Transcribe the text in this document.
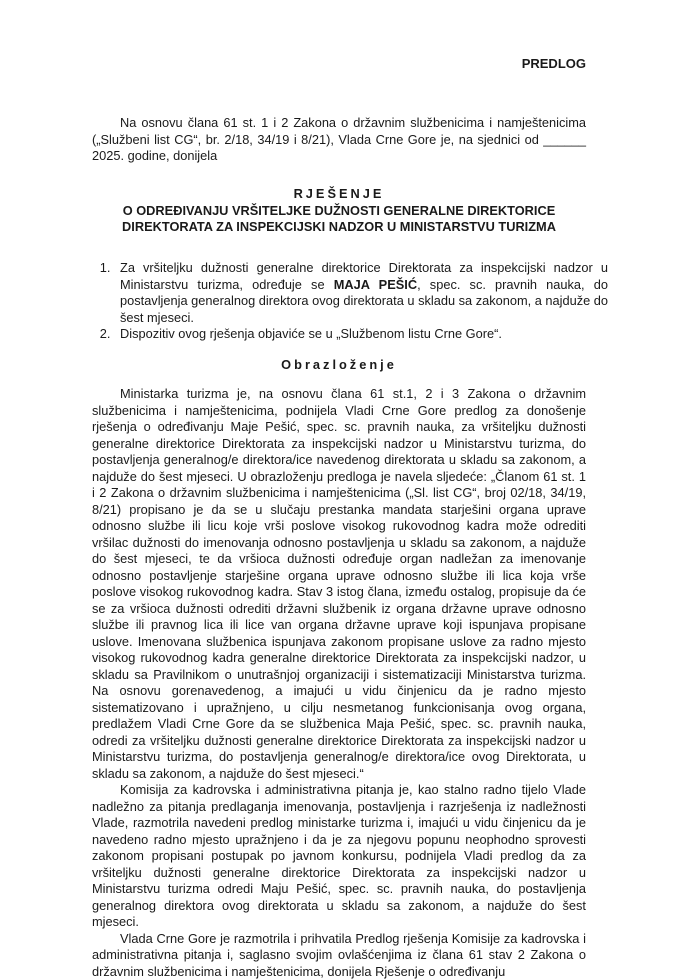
PREDLOG
Na osnovu člana 61 st. 1 i 2 Zakona o državnim službenicima i namještenicima („Službeni list CG“, br. 2/18, 34/19 i 8/21), Vlada Crne Gore je, na sjednici od ______ 2025. godine, donijela
RJEŠENJE
O ODREĐIVANJU VRŠITELJKE DUŽNOSTI GENERALNE DIREKTORICE
DIREKTORATA ZA INSPEKCIJSKI NADZOR U MINISTARSTVU TURIZMA
1. Za vršiteljku dužnosti generalne direktorice Direktorata za inspekcijski nadzor u Ministarstvu turizma, određuje se MAJA PEŠIĆ, spec. sc. pravnih nauka, do postavljenja generalnog direktora ovog direktorata u skladu sa zakonom, a najduže do šest mjeseci.
2. Dispozitiv ovog rješenja objaviće se u „Službenom listu Crne Gore“.
Obrazloženje

Ministarka turizma je, na osnovu člana 61 st.1, 2 i 3 Zakona o državnim službenicima i namještenicima, podnijela Vladi Crne Gore predlog za donošenje rješenja o određivanju Maje Pešić, spec. sc. pravnih nauka, za vršiteljku dužnosti generalne direktorice Direktorata za inspekcijski nadzor u Ministarstvu turizma, do postavljenja generalnog/e direktora/ice navedenog direktorata u skladu sa zakonom, a najduže do šest mjeseci. U obrazloženju predloga je navela sljedeće: „Članom 61 st. 1 i 2 Zakona o državnim službenicima i namještenicima („Sl. list CG“, broj 02/18, 34/19, 8/21) propisano je da se u slučaju prestanka mandata starješini organa uprave odnosno službe ili licu koje vrši poslove visokog rukovodnog kadra može odrediti vršilac dužnosti do imenovanja odnosno postavljenja u skladu sa zakonom, a najduže do šest mjeseci, te da vršioca dužnosti određuje organ nadležan za imenovanje odnosno postavljenje starješine organa uprave odnosno službe ili lica koja vrše poslove visokog rukovodnog kadra. Stav 3 istog člana, između ostalog, propisuje da će se za vršioca dužnosti odrediti državni službenik iz organa državne uprave odnosno službe ili pravnog lica ili lice van organa državne uprave koji ispunjava propisane uslove. Imenovana službenica ispunjava zakonom propisane uslove za radno mjesto visokog rukovodnog kadra generalne direktorice Direktorata za inspekcijski nadzor, u skladu sa Pravilnikom o unutrašnjoj organizaciji i sistematizaciji Ministarstva turizma. Na osnovu gorenavedenog, a imajući u vidu činjenicu da je radno mjesto sistematizovano i upražnjeno, u cilju nesmetanog funkcionisanja ovog organa, predlažem Vladi Crne Gore da se službenica Maja Pešić, spec. sc. pravnih nauka, odredi za vršiteljku dužnosti generalne direktorice Direktorata za inspekcijski nadzor u Ministarstvu turizma, do postavljenja generalnog/e direktora/ice ovog Direktorata, u skladu sa zakonom, a najduže do šest mjeseci.“

Komisija za kadrovska i administrativna pitanja je, kao stalno radno tijelo Vlade nadležno za pitanja predlaganja imenovanja, postavljenja i razrješenja iz nadležnosti Vlade, razmotrila navedeni predlog ministarke turizma i, imajući u vidu činjenicu da je navedeno radno mjesto upražnjeno i da je za njegovu popunu neophodno sprovesti zakonom propisani postupak po javnom konkursu, podnijela Vladi predlog da za vršiteljku dužnosti generalne direktorice Direktorata za inspekcijski nadzor u Ministarstvu turizma odredi Maju Pešić, spec. sc. pravnih nauka, do postavljenja generalnog direktora ovog direktorata u skladu sa zakonom, a najduže do šest mjeseci.

Vlada Crne Gore je razmotrila i prihvatila Predlog rješenja Komisije za kadrovska i administrativna pitanja i, saglasno svojim ovlašćenjima iz člana 61 stav 2 Zakona o državnim službenicima i namještenicima, donijela Rješenje o određivanju
